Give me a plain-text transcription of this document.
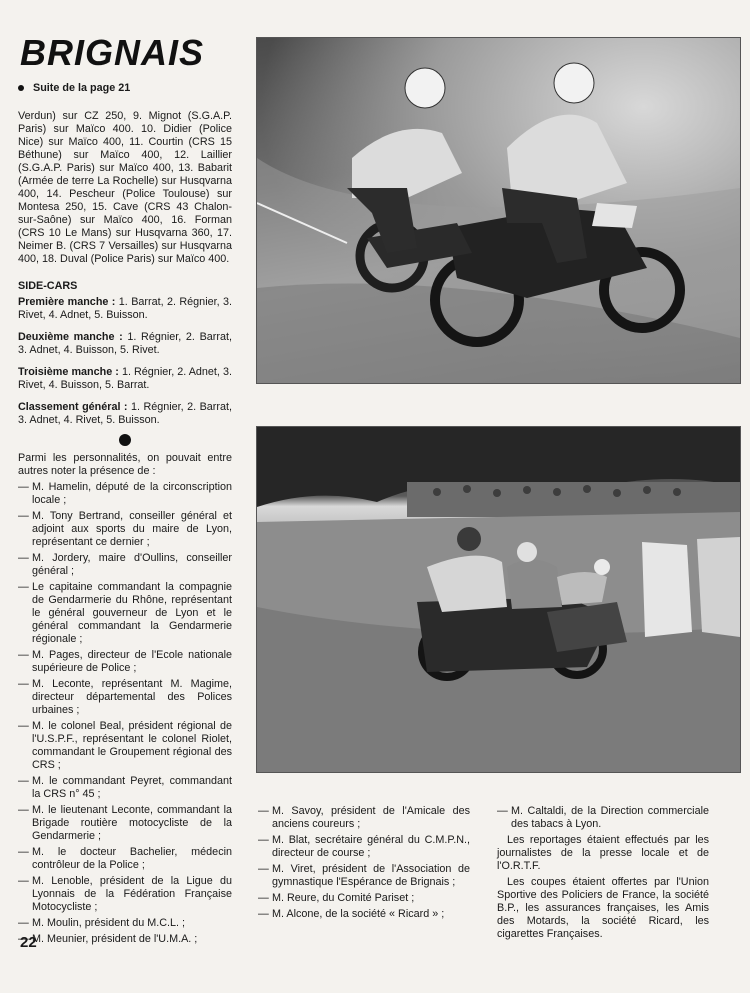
BRIGNAIS
Suite de la page 21

Verdun) sur CZ 250, 9. Mignot (S.G.A.P. Paris) sur Maïco 400. 10. Didier (Police Nice) sur Maïco 400, 11. Courtin (CRS 15 Béthune) sur Maïco 400, 12. Laillier (S.G.A.P. Paris) sur Maïco 400, 13. Babarit (Armée de terre La Rochelle) sur Husqvarna 400, 14. Pescheur (Police Toulouse) sur Montesa 250, 15. Cave (CRS 43 Chalon-sur-Saône) sur Maïco 400, 16. Forman (CRS 10 Le Mans) sur Husqvarna 360, 17. Neimer B. (CRS 7 Versailles) sur Husqvarna 400, 18. Duval (Police Paris) sur Maïco 400.

SIDE-CARS

Première manche : 1. Barrat, 2. Régnier, 3. Rivet, 4. Adnet, 5. Buisson.

Deuxième manche : 1. Régnier, 2. Barrat, 3. Adnet, 4. Buisson, 5. Rivet.

Troisième manche : 1. Régnier, 2. Adnet, 3. Rivet, 4. Buisson, 5. Barrat.

Classement général : 1. Régnier, 2. Barrat, 3. Adnet, 4. Rivet, 5. Buisson.

Parmi les personnalités, on pouvait entre autres noter la présence de :

— M. Hamelin, député de la circonscription locale ;

— M. Tony Bertrand, conseiller général et adjoint aux sports du maire de Lyon, représentant ce dernier ;

— M. Jordery, maire d'Oullins, conseiller général ;

— Le capitaine commandant la compagnie de Gendarmerie du Rhône, représentant le général gouverneur de Lyon et le général commandant la Gendarmerie régionale ;

— M. Pages, directeur de l'Ecole nationale supérieure de Police ;

— M. Leconte, représentant M. Magime, directeur départemental des Polices urbaines ;

— M. le colonel Beal, président régional de l'U.S.P.F., représentant le colonel Riolet, commandant le Groupement régional des CRS ;

— M. le commandant Peyret, commandant la CRS n° 45 ;

— M. le lieutenant Leconte, commandant la Brigade routière motocycliste de la Gendarmerie ;

— M. le docteur Bachelier, médecin contrôleur de la Police ;

— M. Lenoble, président de la Ligue du Lyonnais de la Fédération Française Motocycliste ;

— M. Moulin, président du M.C.L. ;

— M. Meunier, président de l'U.M.A. ;

— M. Savoy, président de l'Amicale des anciens coureurs ;

— M. Blat, secrétaire général du C.M.P.N., directeur de course ;

— M. Viret, président de l'Association de gymnastique l'Espérance de Brignais ;

— M. Reure, du Comité Pariset ;

— M. Alcone, de la société « Ricard » ;

— M. Caltaldi, de la Direction commerciale des tabacs à Lyon.

Les reportages étaient effectués par les journalistes de la presse locale et de l'O.R.T.F.

Les coupes étaient offertes par l'Union Sportive des Policiers de France, la société B.P., les assurances françaises, les Amis des Motards, la société Ricard, les cigarettes Françaises.

22
